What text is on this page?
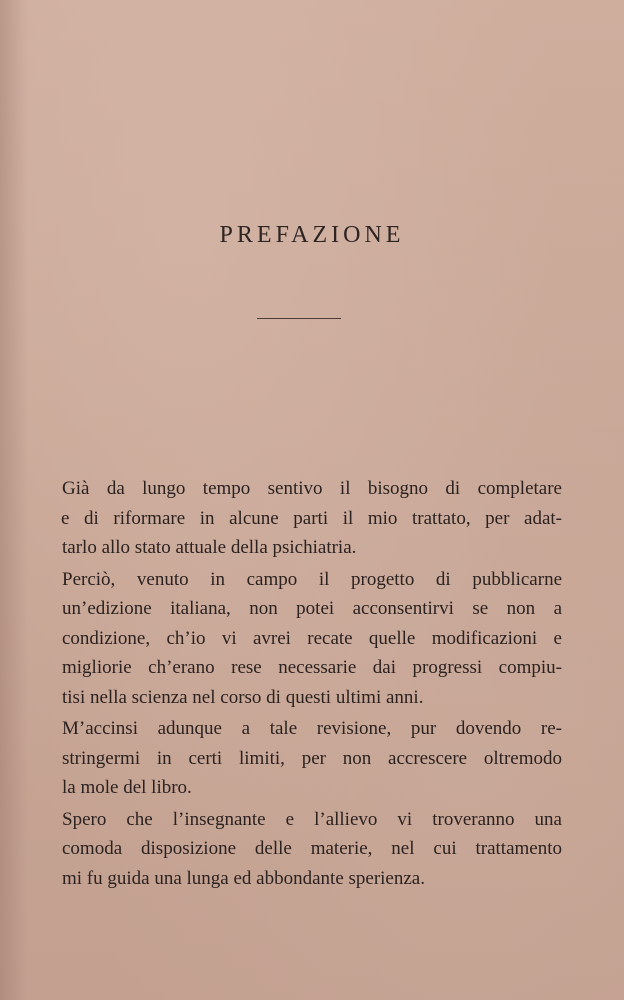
PREFAZIONE

Già da lungo tempo sentivo il bisogno di completare
e di riformare in alcune parti il mio trattato, per adat-
tarlo allo stato attuale della psichiatria.

Perciò, venuto in campo il progetto di pubblicarne
un’edizione italiana, non potei acconsentirvi se non a
condizione, ch’io vi avrei recate quelle modificazioni e
migliorie ch’erano rese necessarie dai progressi compiu-
tisi nella scienza nel corso di questi ultimi anni.

M’accinsi adunque a tale revisione, pur dovendo re-
stringermi in certi limiti, per non accrescere oltremodo
la mole del libro.

Spero che l’insegnante e l’allievo vi troveranno una
comoda disposizione delle materie, nel cui trattamento
mi fu guida una lunga ed abbondante sperienza.
